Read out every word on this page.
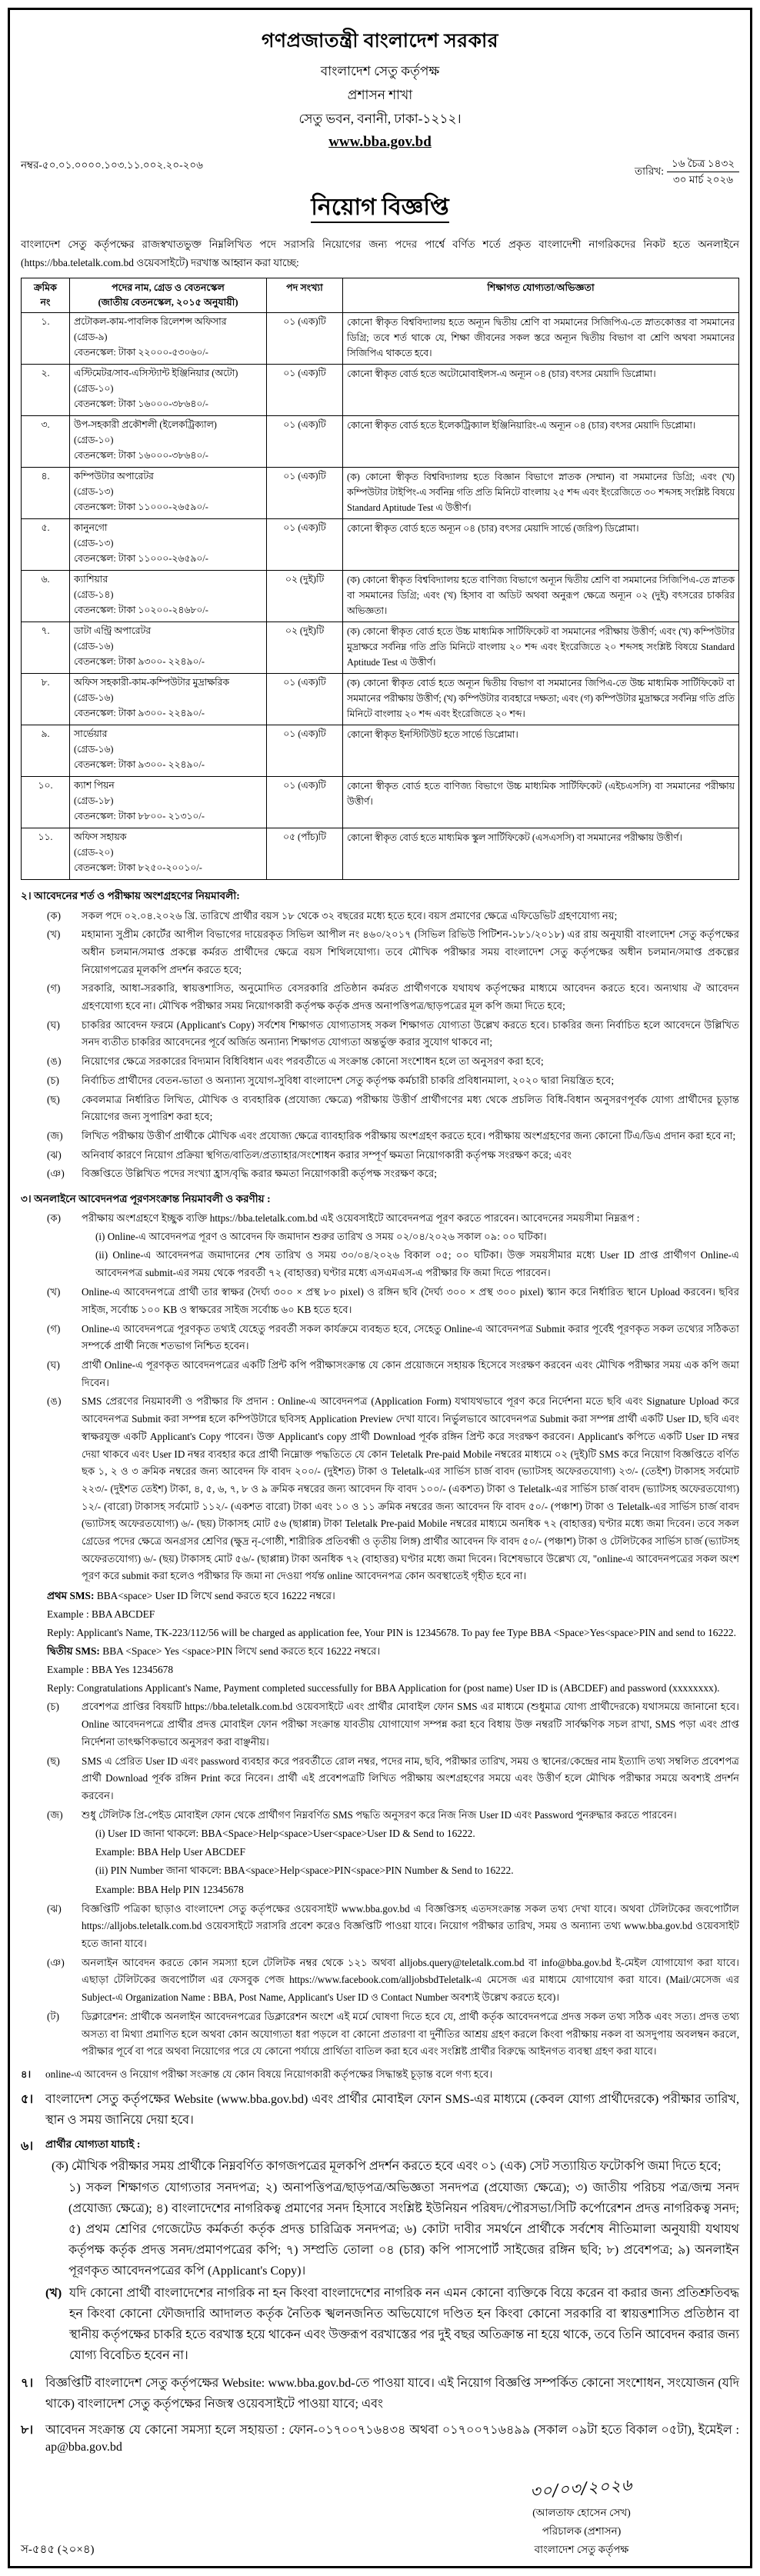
গণপ্রজাতন্ত্রী বাংলাদেশ সরকার
বাংলাদেশ সেতু কর্তৃপক্ষ
প্রশাসন শাখা
সেতু ভবন, বনানী, ঢাকা-১২১২।
www.bba.gov.bd
নম্বর-৫০.০১.০০০০.১০৩.১১.০০২.২০-২০৬
তারিখ:
১৬ চৈত্র ১৪৩২
৩০ মার্চ ২০২৬
নিয়োগ বিজ্ঞপ্তি
বাংলাদেশ সেতু কর্তৃপক্ষের রাজস্বখাতভুক্ত নিম্নলিখিত পদে সরাসরি নিয়োগের জন্য পদের পার্শ্বে বর্ণিত শর্তে প্রকৃত বাংলাদেশী নাগরিকদের নিকট হতে অনলাইনে (https://bba.teletalk.com.bd ওয়েবসাইটে) দরখাস্ত আহ্বান করা যাচ্ছে:
ক্রমিক
নং	পদের নাম, গ্রেড ও বেতনস্কেল
(জাতীয় বেতনস্কেল, ২০১৫ অনুযায়ী)	পদ সংখ্যা	শিক্ষাগত যোগ্যতা/অভিজ্ঞতা
১.	প্রটোকল-কাম-পাবলিক রিলেশন্স অফিসার
(গ্রেড-৯)
বেতনস্কেল: টাকা ২২০০০-৫৩০৬০/-
	০১ (এক)টি	কোনো স্বীকৃত বিশ্ববিদ্যালয় হতে অন্যূন দ্বিতীয় শ্রেণি বা সমমানের সিজিপিএ-তে স্নাতকোত্তর বা সমমানের ডিগ্রি; তবে শর্ত থাকে যে, শিক্ষা জীবনের সকল স্তরে অন্যূন দ্বিতীয় বিভাগ বা শ্রেণি অথবা সমমানের সিজিপিএ থাকতে হবে।
২.	এস্টিমেটর/সাব-এসিস্ট্যান্ট ইঞ্জিনিয়ার (অটো)
(গ্রেড-১০)
বেতনস্কেল: টাকা ১৬০০০-৩৮৬৪০/-	০১ (এক)টি	কোনো স্বীকৃত বোর্ড হতে অটোমোবাইলস-এ অন্যূন ০৪ (চার) বৎসর মেয়াদি ডিপ্লোমা।
৩.	উপ-সহকারী প্রকৌশলী (ইলেকট্রিক্যাল)
(গ্রেড-১০)
বেতনস্কেল: টাকা ১৬০০০-৩৮৬৪০/-	০১ (এক)টি	কোনো স্বীকৃত বোর্ড হতে ইলেকট্রিক্যাল ইঞ্জিনিয়ারিং-এ অন্যূন ০৪ (চার) বৎসর মেয়াদি ডিপ্লোমা।
৪.	কম্পিউটার অপারেটর
(গ্রেড-১৩)
বেতনস্কেল: টাকা ১১০০০-২৬৫৯০/-
	০১ (এক)টি	(ক) কোনো স্বীকৃত বিশ্ববিদ্যালয় হতে বিজ্ঞান বিভাগে স্নাতক (সম্মান) বা সমমানের ডিগ্রি; এবং (খ) কম্পিউটার টাইপিং-এ সর্বনিম্ন গতি প্রতি মিনিটে বাংলায় ২৫ শব্দ এবং ইংরেজিতে ৩০ শব্দসহ সংশ্লিষ্ট বিষয়ে Standard Aptitude Test এ উত্তীর্ণ।
৫.	কানুনগো
(গ্রেড-১৩)
বেতনস্কেল: টাকা ১১০০০-২৬৫৯০/-	০১ (এক)টি	কোনো স্বীকৃত বোর্ড হতে অন্যূন ০৪ (চার) বৎসর মেয়াদি সার্ভে (জরিপ) ডিপ্লোমা।
৬.	ক্যাশিয়ার
(গ্রেড-১৪)
বেতনস্কেল: টাকা ১০২০০-২৪৬৮০/-
	০২ (দুই)টি	(ক) কোনো স্বীকৃত বিশ্ববিদ্যালয় হতে বাণিজ্য বিভাগে অন্যূন দ্বিতীয় শ্রেণি বা সমমানের সিজিপিএ-তে স্নাতক বা সমমানের ডিগ্রি; এবং (খ) হিসাব বা অডিট অথবা অনুরূপ ক্ষেত্রে অন্যূন ০২ (দুই) বৎসরের চাকরির অভিজ্ঞতা।
৭.	ডাটা এন্ট্রি অপারেটর
(গ্রেড-১৬)
বেতনস্কেল: টাকা ৯৩০০- ২২৪৯০/-
	০২ (দুই)টি	(ক) কোনো স্বীকৃত বোর্ড হতে উচ্চ মাধ্যমিক সার্টিফিকেট বা সমমানের পরীক্ষায় উত্তীর্ণ; এবং (খ) কম্পিউটার মুদ্রাক্ষরে সর্বনিম্ন গতি প্রতি মিনিটে বাংলায় ২০ শব্দ এবং ইংরেজিতে ২০ শব্দসহ সংশ্লিষ্ট বিষয়ে Standard Aptitude Test এ উত্তীর্ণ।
৮.	অফিস সহকারী-কাম-কম্পিউটার মুদ্রাক্ষরিক
(গ্রেড-১৬)
বেতনস্কেল: টাকা ৯৩০০- ২২৪৯০/-
	০১ (এক)টি	(ক) কোনো স্বীকৃত বোর্ড হতে অন্যূন দ্বিতীয় বিভাগ বা সমমানের জিপিএ-তে উচ্চ মাধ্যমিক সার্টিফিকেট বা সমমানের পরীক্ষায় উত্তীর্ণ; (খ) কম্পিউটার ব্যবহারে দক্ষতা; এবং (গ) কম্পিউটার মুদ্রাক্ষরে সর্বনিম্ন গতি প্রতি মিনিটে বাংলায় ২০ শব্দ এবং ইংরেজিতে ২০ শব্দ।
৯.	সার্ভেয়ার
(গ্রেড-১৬)
বেতনস্কেল: টাকা ৯৩০০- ২২৪৯০/-	০১ (এক)টি	কোনো স্বীকৃত ইনস্টিটিউট হতে সার্ভে ডিপ্লোমা।
১০.	ক্যাশ পিয়ন
(গ্রেড-১৮)
বেতনস্কেল: টাকা ৮৮০০- ২১৩১০/-	০১ (এক)টি	কোনো স্বীকৃত বোর্ড হতে বাণিজ্য বিভাগে উচ্চ মাধ্যমিক সার্টিফিকেট (এইচএসসি) বা সমমানের পরীক্ষায় উত্তীর্ণ।
১১.	অফিস সহায়ক
(গ্রেড-২০)
বেতনস্কেল: টাকা ৮২৫০-২০০১০/-	০৫ (পাঁচ)টি	কোনো স্বীকৃত বোর্ড হতে মাধ্যমিক স্কুল সার্টিফিকেট (এসএসসি) বা সমমানের পরীক্ষায় উত্তীর্ণ।
২। আবেদনের শর্ত ও পরীক্ষায় অংশগ্রহণের নিয়মাবলী:
(ক)	সকল পদে ০২.০৪.২০২৬ খ্রি. তারিখে প্রার্থীর বয়স ১৮ থেকে ৩২ বছরের মধ্যে হতে হবে। বয়স প্রমাণের ক্ষেত্রে এফিডেভিট গ্রহণযোগ্য নয়;
(খ)	মহামান্য সুপ্রীম কোর্টের আপীল বিভাগের দায়েরকৃত সিভিল আপীল নং ৪৬০/২০১৭ (সিভিল রিভিউ পিটিশন-১৮১/২০১৮) এর রায় অনুযায়ী বাংলাদেশ সেতু কর্তৃপক্ষের অধীন চলমান/সমাপ্ত প্রকল্পে কর্মরত প্রার্থীদের ক্ষেত্রে বয়স শিথিলযোগ্য। তবে মৌখিক পরীক্ষার সময় বাংলাদেশ সেতু কর্তৃপক্ষের অধীন চলমান/সমাপ্ত প্রকল্পের নিয়োগপত্রের মূলকপি প্রদর্শন করতে হবে;
(গ)	সরকারি, আধা-সরকারি, স্বায়ত্তশাসিত, অনুমোদিত বেসরকারি প্রতিষ্ঠান কর্মরত প্রার্থীগণকে যথাযথ কর্তৃপক্ষের মাধ্যমে আবেদন করতে হবে। অন্যথায় ঐ আবেদন গ্রহণযোগ্য হবে না। মৌখিক পরীক্ষার সময় নিয়োগকারী কর্তৃপক্ষ কর্তৃক প্রদত্ত অনাপত্তিপত্র/ছাড়পত্রের মূল কপি জমা দিতে হবে;
(ঘ)	চাকরির আবেদন ফরমে (Applicant's Copy) সর্বশেষ শিক্ষাগত যোগ্যতাসহ সকল শিক্ষাগত যোগ্যতা উল্লেখ করতে হবে। চাকরির জন্য নির্বাচিত হলে আবেদনে উল্লিখিত সনদ ব্যতীত চাকরির আবেদনের পূর্বে অর্জিত অন্যান্য শিক্ষাগত যোগ্যতা অন্তর্ভুক্ত করার সুযোগ থাকবে না;
(ঙ)	নিয়োগের ক্ষেত্রে সরকারের বিদ্যমান বিধিবিধান এবং পরবর্তীতে এ সংক্রান্ত কোনো সংশোধন হলে তা অনুসরণ করা হবে;
(চ)	নির্বাচিত প্রার্থীদের বেতন-ভাতা ও অন্যান্য সুযোগ-সুবিধা বাংলাদেশ সেতু কর্তৃপক্ষ কর্মচারী চাকরি প্রবিধানমালা, ২০২০ দ্বারা নিয়ন্ত্রিত হবে;
(ছ)	কেবলমাত্র নির্ধারিত লিখিত, মৌখিক ও ব্যবহারিক (প্রযোজ্য ক্ষেত্রে) পরীক্ষায় উত্তীর্ণ প্রার্থীগণের মধ্য থেকে প্রচলিত বিধি-বিধান অনুসরণপূর্বক যোগ্য প্রার্থীদের চূড়ান্ত নিয়োগের জন্য সুপারিশ করা হবে;
(জ)	লিখিত পরীক্ষায় উত্তীর্ণ প্রার্থীকে মৌখিক এবং প্রযোজ্য ক্ষেত্রে ব্যাবহারিক পরীক্ষায় অংশগ্রহণ করতে হবে। পরীক্ষায় অংশগ্রহণের জন্য কোনো টিএ/ডিএ প্রদান করা হবে না;
(ঝ)	অনিবার্য কারণে নিয়োগ প্রক্রিয়া স্থগিত/বাতিল/প্রত্যাহার/সংশোধন করার সম্পূর্ণ ক্ষমতা নিয়োগকারী কর্তৃপক্ষ সংরক্ষণ করে; এবং
(ঞ)	বিজ্ঞপ্তিতে উল্লিখিত পদের সংখ্যা হ্রাস/বৃদ্ধি করার ক্ষমতা নিয়োগকারী কর্তৃপক্ষ সংরক্ষণ করে;
৩। অনলাইনে আবেদনপত্র পূরণসংক্রান্ত নিয়মাবলী ও করণীয় :
(ক)	পরীক্ষায় অংশগ্রহণে ইচ্ছুক ব্যক্তি https://bba.teletalk.com.bd এই ওয়েবসাইটে আবেদনপত্র পূরণ করতে পারবেন। আবেদনের সময়সীমা নিম্নরূপ :
(i) Online-এ আবেদনপত্র পূরণ ও আবেদন ফি জমাদান শুরুর তারিখ ও সময় ০২/০৪/২০২৬ সকাল ০৯: ০০ ঘটিকা।
(ii) Online-এ আবেদনপত্র জমাদানের শেষ তারিখ ও সময় ৩০/০৪/২০২৬ বিকাল ০৫; ০০ ঘটিকা। উক্ত সময়সীমার মধ্যে User ID প্রাপ্ত প্রার্থীগণ Online-এ আবেদনপত্র submit-এর সময় থেকে পরবর্তী ৭২ (বাহাত্তর) ঘণ্টার মধ্যে এসএমএস-এ পরীক্ষার ফি জমা দিতে পারবেন।
(খ)	Online-এ আবেদনপত্রে প্রার্থী তার স্বাক্ষর (দৈর্ঘ্য ৩০০ × প্রস্থ ৮০ pixel) ও রঙ্গিন ছবি (দৈর্ঘ্য ৩০০ × প্রস্থ ৩০০ pixel) স্ক্যান করে নির্ধারিত স্থানে Upload করবেন। ছবির সাইজ, সর্বোচ্চ ১০০ KB ও স্বাক্ষরের সাইজ সর্বোচ্চ ৬০ KB হতে হবে।
(গ)	Online-এ আবেদনপত্রে পূরণকৃত তথ্যই যেহেতু পরবর্তী সকল কার্যক্রমে ব্যবহৃত হবে, সেহেতু Online-এ আবেদনপত্র Submit করার পূর্বেই পূরণকৃত সকল তথ্যের সঠিকতা সম্পর্কে প্রার্থী নিজে শতভাগ নিশ্চিত হবেন।
(ঘ)	প্রার্থী Online-এ পূরণকৃত আবেদনপত্রের একটি প্রিন্ট কপি পরীক্ষাসংক্রান্ত যে কোন প্রয়োজনে সহায়ক হিসেবে সংরক্ষণ করবেন এবং মৌখিক পরীক্ষার সময় এক কপি জমা দিবেন।
(ঙ)	SMS প্রেরণের নিয়মাবলী ও পরীক্ষার ফি প্রদান : Online-এ আবেদনপত্র (Application Form) যথাযথভাবে পূরণ করে নির্দেশনা মতে ছবি এবং Signature Upload করে আবেদনপত্র Submit করা সম্পন্ন হলে কম্পিউটারে ছবিসহ Application Preview দেখা যাবে। নির্ভুলভাবে আবেদনপত্র Submit করা সম্পন্ন প্রার্থী একটি User ID, ছবি এবং স্বাক্ষরযুক্ত একটি Applicant's Copy পাবেন। উক্ত Applicant's copy প্রার্থী Download পূর্বক রঙ্গিন প্রিন্ট করে সংরক্ষণ করবেন। Applicant's কপিতে একটি User ID নম্বর দেয়া থাকবে এবং User ID নম্বর ব্যবহার করে প্রার্থী নিম্নোক্ত পদ্ধতিতে যে কোন Teletalk Pre-paid Mobile নম্বরের মাধ্যমে ০২ (দুই)টি SMS করে নিয়োগ বিজ্ঞপ্তিতে বর্ণিত ছক ১, ২ ও ৩ ক্রমিক নম্বরের জন্য আবেদন ফি বাবদ ২০০/- (দুইশত) টাকা ও Teletalk-এর সার্ভিস চার্জ বাবদ (ভ্যাটসহ অফেরতযোগ্য) ২৩/- (তেইশ) টাকাসহ সর্বমোট ২২৩/- (দুইশত তেইশ) টাকা, ৪, ৫, ৬, ৭, ৮ ও ৯ ক্রমিক নম্বরের জন্য আবেদন ফি বাবদ ১০০/- (একশত) টাকা ও Teletalk-এর সার্ভিস চার্জ বাবদ (ভ্যাটসহ অফেরতযোগ্য) ১২/- (বারো) টাকাসহ সর্বমোট ১১২/- (একশত বারো) টাকা এবং ১০ ও ১১ ক্রমিক নম্বরের জন্য আবেদন ফি বাবদ ৫০/- (পঞ্চাশ) টাকা ও Teletalk-এর সার্ভিস চার্জ বাবদ (ভ্যাটসহ অফেরতযোগ্য) ৬/- (ছয়) টাকাসহ মোট ৫৬ (ছাপ্পান্ন) টাকা Teletalk Pre-paid Mobile নম্বরের মাধ্যমে অনধিক ৭২ (বাহাত্তর) ঘণ্টার মধ্যে জমা দিবেন। তবে সকল গ্রেডের পদের ক্ষেত্রে অনগ্রসর শ্রেণির (ক্ষুদ্র নৃ-গোষ্ঠী, শারীরিক প্রতিবন্ধী ও তৃতীয় লিঙ্গ) প্রার্থীর আবেদন ফি বাবদ ৫০/- (পঞ্চাশ) টাকা ও টেলিটকের সার্ভিস চার্জ (ভ্যাটসহ অফেরতযোগ্য) ৬/- (ছয়) টাকাসহ মোট ৫৬/- (ছাপ্পান্ন) টাকা অনধিক ৭২ (বাহাত্তর) ঘণ্টার মধ্যে জমা দিবেন। বিশেষভাবে উল্লেখ্য যে, "online-এ আবেদনপত্রের সকল অংশ পূরণ করে submit করা হলেও পরীক্ষার ফি জমা না দেওয়া পর্যন্ত online আবেদনপত্র কোন অবস্থাতেই গৃহীত হবে না।
প্রথম SMS: BBA<space> User ID লিখে send করতে হবে 16222 নম্বরে।
Example : BBA ABCDEF
Reply: Applicant's Name, TK-223/112/56 will be charged as application fee, Your PIN is 12345678. To pay fee Type BBA <Space>Yes<space>PIN and send to 16222.
দ্বিতীয় SMS: BBA <Space> Yes <space>PIN লিখে send করতে হবে 16222 নম্বরে।
Example : BBA Yes 12345678
Reply: Congratulations Applicant's Name, Payment completed successfully for BBA Application for (post name) User ID is (ABCDEF) and password (xxxxxxxx).
(চ)	প্রবেশপত্র প্রাপ্তির বিষয়টি https://bba.teletalk.com.bd ওয়েবসাইটে এবং প্রার্থীর মোবাইল ফোন SMS এর মাধ্যমে (শুধুমাত্র যোগ্য প্রার্থীদেরকে) যথাসময়ে জানানো হবে। Online আবেদনপত্রে প্রার্থীর প্রদত্ত মোবাইল ফোন পরীক্ষা সংক্রান্ত যাবতীয় যোগাযোগ সম্পন্ন করা হবে বিধায় উক্ত নম্বরটি সার্বক্ষণিক সচল রাখা, SMS পড়া এবং প্রাপ্ত নির্দেশনা তাৎক্ষণিকভাবে অনুসরণ করা বাঞ্ছনীয়।
(ছ)	SMS এ প্রেরিত User ID এবং password ব্যবহার করে পরবর্তীতে রোল নম্বর, পদের নাম, ছবি, পরীক্ষার তারিখ, সময় ও স্থানের/কেন্দ্রের নাম ইত্যাদি তথ্য সম্বলিত প্রবেশপত্র প্রার্থী Download পূর্বক রঙ্গিন Print করে নিবেন। প্রার্থী এই প্রবেশপত্রটি লিখিত পরীক্ষায় অংশগ্রহণের সময়ে এবং উত্তীর্ণ হলে মৌখিক পরীক্ষার সময়ে অবশ্যই প্রদর্শন করবেন।
(জ)	শুধু টেলিটক প্রি-পেইড মোবাইল ফোন থেকে প্রার্থীগণ নিম্নবর্ণিত SMS পদ্ধতি অনুসরণ করে নিজ নিজ User ID এবং Password পুনরুদ্ধার করতে পারবেন।
(i) User ID জানা থাকলে: BBA<Space>Help<space>User<space>User ID & Send to 16222.
Example: BBA Help User ABCDEF
(ii) PIN Number জানা থাকলে: BBA<space>Help<space>PIN<space>PIN Number & Send to 16222.
Example: BBA Help PIN 12345678
(ঝ)	বিজ্ঞপ্তিটি পত্রিকা ছাড়াও বাংলাদেশ সেতু কর্তৃপক্ষের ওয়েবসাইট www.bba.gov.bd এ বিজ্ঞপ্তিসহ এতদসংক্রান্ত সকল তথ্য দেখা যাবে। অথবা টেলিটকের জবপোর্টাল https://alljobs.teletalk.com.bd ওয়েবসাইটে সরাসরি প্রবেশ করেও বিজ্ঞপ্তিটি পাওয়া যাবে। নিয়োগ পরীক্ষার তারিখ, সময় ও অন্যান্য তথ্য www.bba.gov.bd ওয়েবসাইট হতে জানা যাবে।
(ঞ)	অনলাইন আবেদন করতে কোন সমস্যা হলে টেলিটক নম্বর থেকে ১২১ অথবা alljobs.query@teletalk.com.bd বা info@bba.gov.bd ই-মেইল যোগাযোগ করা যাবে। এছাড়া টেলিটকের জবপোর্টাল এর ফেসবুক পেজ https://www.facebook.com/alljobsbdTeletalk-এ মেসেজ এর মাধ্যমে যোগাযোগ করা যাবে। (Mail/মেসেজ এর Subject-এ Organization Name : BBA, Post Name, Applicant's User ID ও Contact Number অবশ্যই উল্লেখ করতে হবে)।
(ট)	ডিক্লারেশন: প্রার্থীকে অনলাইন আবেদনপত্রের ডিক্লারেশন অংশে এই মর্মে ঘোষণা দিতে হবে যে, প্রার্থী কর্তৃক আবেদনপত্রে প্রদত্ত সকল তথ্য সঠিক এবং সত্য। প্রদত্ত তথ্য অসত্য বা মিথ্যা প্রমাণিত হলে অথবা কোন অযোগ্যতা ধরা পড়লে বা কোনো প্রতারণা বা দুর্নীতির আশ্রয় গ্রহণ করলে কিংবা পরীক্ষায় নকল বা অসদুপায় অবলম্বন করলে, পরীক্ষার পূর্বে বা পরে অথবা নিয়োগের পরে যে কোনো পর্যায়ে প্রার্থিতা বাতিল করা হবে এবং সংশ্লিষ্ট প্রার্থীর বিরুদ্ধে আইনগত ব্যবস্থা গ্রহণ করা যাবে।
৪।	online-এ আবেদন ও নিয়োগ পরীক্ষা সংক্রান্ত যে কোন বিষয়ে নিয়োগকারী কর্তৃপক্ষের সিদ্ধান্তই চূড়ান্ত বলে গণ্য হবে।
৫। বাংলাদেশ সেতু কর্তৃপক্ষের Website (www.bba.gov.bd) এবং প্রার্থীর মোবাইল ফোন SMS-এর মাধ্যমে (কেবল যোগ্য প্রার্থীদেরকে) পরীক্ষার তারিখ, স্থান ও সময় জানিয়ে দেয়া হবে।
৬।	প্রার্থীর যোগ্যতা যাচাই :
(ক) মৌখিক পরীক্ষার সময় প্রার্থীকে নিম্নবর্ণিত কাগজপত্রের মূলকপি প্রদর্শন করতে হবে এবং ০১ (এক) সেট সত্যায়িত ফটোকপি জমা দিতে হবে;
১) সকল শিক্ষাগত যোগ্যতার সনদপত্র; ২) অনাপত্তিপত্র/ছাড়পত্র/অভিজ্ঞতা সনদপত্র (প্রযোজ্য ক্ষেত্রে); ৩) জাতীয় পরিচয় পত্র/জন্ম সনদ (প্রযোজ্য ক্ষেত্রে); ৪) বাংলাদেশের নাগরিকত্ব প্রমাণের সনদ হিসাবে সংশ্লিষ্ট ইউনিয়ন পরিষদ/পৌরসভা/সিটি কর্পোরেশন প্রদত্ত নাগরিকত্ব সনদ; ৫) প্রথম শ্রেণির গেজেটেড কর্মকর্তা কর্তৃক প্রদত্ত চারিত্রিক সনদপত্র; ৬) কোটা দাবীর সমর্থনে প্রার্থীকে সর্বশেষ নীতিমালা অনুযায়ী যথাযথ কর্তৃপক্ষ কর্তৃক প্রদত্ত সনদ/প্রমাণপত্রের কপি; ৭) সম্প্রতি তোলা ০৪ (চার) কপি পাসপোর্ট সাইজের রঙ্গিন ছবি; ৮) প্রবেশপত্র; ৯) অনলাইন পূরণকৃত আবেদনপত্রের কপি (Applicant's Copy)।
(খ) যদি কোনো প্রার্থী বাংলাদেশের নাগরিক না হন কিংবা বাংলাদেশের নাগরিক নন এমন কোনো ব্যক্তিকে বিয়ে করেন বা করার জন্য প্রতিশ্রুতিবদ্ধ হন কিংবা কোনো ফৌজদারি আদালত কর্তৃক নৈতিক স্খলনজনিত অভিযোগে দণ্ডিত হন কিংবা কোনো সরকারি বা স্বায়ত্তশাসিত প্রতিষ্ঠান বা স্থানীয় কর্তৃপক্ষের চাকরি হতে বরখাস্ত হয়ে থাকেন এবং উক্তরূপ বরখাস্তের পর দুই বছর অতিক্রান্ত না হয়ে থাকে, তবে তিনি আবেদন করার জন্য যোগ্য বিবেচিত হবেন না।
৭। বিজ্ঞপ্তিটি বাংলাদেশ সেতু কর্তৃপক্ষের Website: www.bba.gov.bd-তে পাওয়া যাবে। এই নিয়োগ বিজ্ঞপ্তি সম্পর্কিত কোনো সংশোধন, সংযোজন (যদি থাকে) বাংলাদেশ সেতু কর্তৃপক্ষের নিজস্ব ওয়েবসাইটে পাওয়া যাবে; এবং
৮। আবেদন সংক্রান্ত যে কোনো সমস্যা হলে সহায়তা : ফোন-০১৭০০৭১৬৪৩৪ অথবা ০১৭০০৭১৬৪৯৯ (সকাল ০৯টা হতে বিকাল ০৫টা), ইমেইল : ap@bba.gov.bd
৩০/০৩/২০২৬
(আলতাফ হোসেন সেখ)
পরিচালক (প্রশাসন)
বাংলাদেশ সেতু কর্তৃপক্ষ
স-৫৪৫ (২০×৪)
